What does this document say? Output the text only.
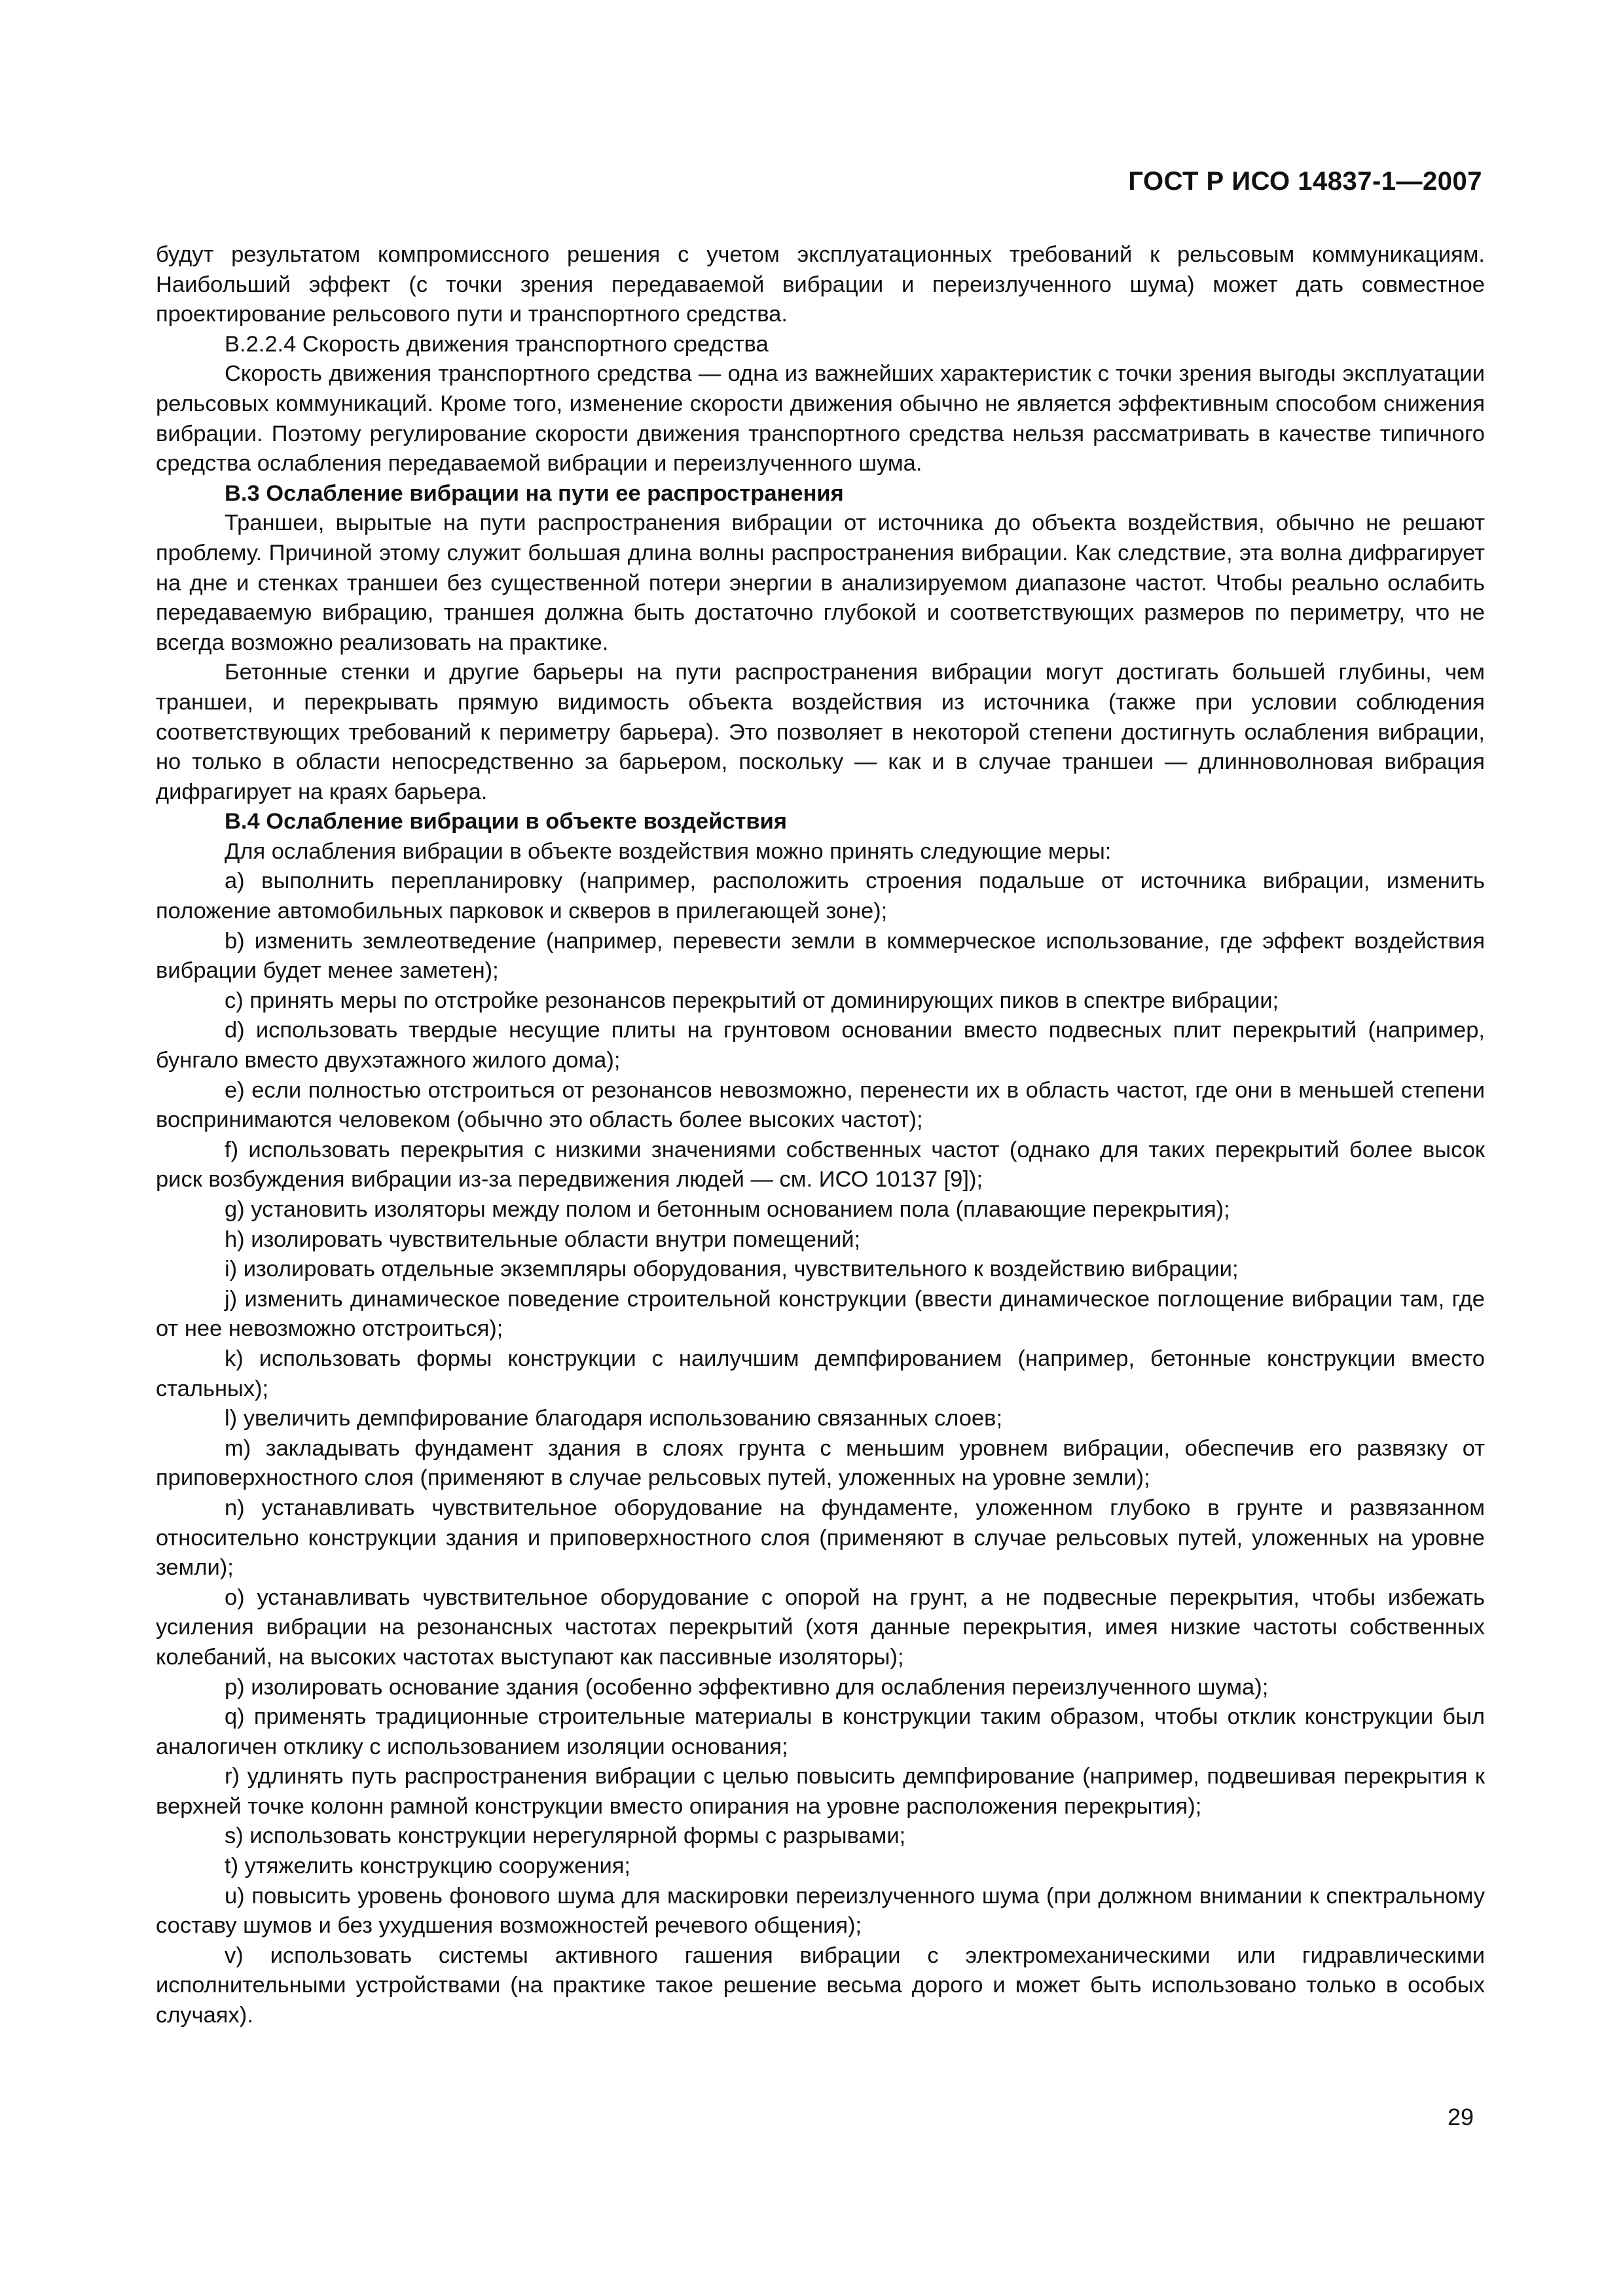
ГОСТ Р ИСО 14837-1—2007

будут результатом компромиссного решения с учетом эксплуатационных требований к рельсовым коммуникациям. Наибольший эффект (с точки зрения передаваемой вибрации и переизлученного шума) может дать совместное проектирование рельсового пути и транспортного средства.

В.2.2.4 Скорость движения транспортного средства

Скорость движения транспортного средства — одна из важнейших характеристик с точки зрения выгоды эксплуатации рельсовых коммуникаций. Кроме того, изменение скорости движения обычно не является эффективным способом снижения вибрации. Поэтому регулирование скорости движения транспортного средства нельзя рассматривать в качестве типичного средства ослабления передаваемой вибрации и переизлученного шума.

В.3 Ослабление вибрации на пути ее распространения

Траншеи, вырытые на пути распространения вибрации от источника до объекта воздействия, обычно не решают проблему. Причиной этому служит большая длина волны распространения вибрации. Как следствие, эта волна дифрагирует на дне и стенках траншеи без существенной потери энергии в анализируемом диапазоне частот. Чтобы реально ослабить передаваемую вибрацию, траншея должна быть достаточно глубокой и соответствующих размеров по периметру, что не всегда возможно реализовать на практике.

Бетонные стенки и другие барьеры на пути распространения вибрации могут достигать большей глубины, чем траншеи, и перекрывать прямую видимость объекта воздействия из источника (также при условии соблюдения соответствующих требований к периметру барьера). Это позволяет в некоторой степени достигнуть ослабления вибрации, но только в области непосредственно за барьером, поскольку — как и в случае траншеи — длинноволновая вибрация дифрагирует на краях барьера.

В.4 Ослабление вибрации в объекте воздействия

Для ослабления вибрации в объекте воздействия можно принять следующие меры:

а) выполнить перепланировку (например, расположить строения подальше от источника вибрации, изменить положение автомобильных парковок и скверов в прилегающей зоне);

b) изменить землеотведение (например, перевести земли в коммерческое использование, где эффект воздействия вибрации будет менее заметен);

c) принять меры по отстройке резонансов перекрытий от доминирующих пиков в спектре вибрации;

d) использовать твердые несущие плиты на грунтовом основании вместо подвесных плит перекрытий (например, бунгало вместо двухэтажного жилого дома);

e) если полностью отстроиться от резонансов невозможно, перенести их в область частот, где они в меньшей степени воспринимаются человеком (обычно это область более высоких частот);

f) использовать перекрытия с низкими значениями собственных частот (однако для таких перекрытий более высок риск возбуждения вибрации из-за передвижения людей — см. ИСО 10137 [9]);

g) установить изоляторы между полом и бетонным основанием пола (плавающие перекрытия);

h) изолировать чувствительные области внутри помещений;

i) изолировать отдельные экземпляры оборудования, чувствительного к воздействию вибрации;

j) изменить динамическое поведение строительной конструкции (ввести динамическое поглощение вибрации там, где от нее невозможно отстроиться);

k) использовать формы конструкции с наилучшим демпфированием (например, бетонные конструкции вместо стальных);

l) увеличить демпфирование благодаря использованию связанных слоев;

m) закладывать фундамент здания в слоях грунта с меньшим уровнем вибрации, обеспечив его развязку от приповерхностного слоя (применяют в случае рельсовых путей, уложенных на уровне земли);

n) устанавливать чувствительное оборудование на фундаменте, уложенном глубоко в грунте и развязанном относительно конструкции здания и приповерхностного слоя (применяют в случае рельсовых путей, уложенных на уровне земли);

o) устанавливать чувствительное оборудование с опорой на грунт, а не подвесные перекрытия, чтобы избежать усиления вибрации на резонансных частотах перекрытий (хотя данные перекрытия, имея низкие частоты собственных колебаний, на высоких частотах выступают как пассивные изоляторы);

p) изолировать основание здания (особенно эффективно для ослабления переизлученного шума);

q) применять традиционные строительные материалы в конструкции таким образом, чтобы отклик конструкции был аналогичен отклику с использованием изоляции основания;

r) удлинять путь распространения вибрации с целью повысить демпфирование (например, подвешивая перекрытия к верхней точке колонн рамной конструкции вместо опирания на уровне расположения перекрытия);

s) использовать конструкции нерегулярной формы с разрывами;

t) утяжелить конструкцию сооружения;

u) повысить уровень фонового шума для маскировки переизлученного шума (при должном внимании к спектральному составу шумов и без ухудшения возможностей речевого общения);

v) использовать системы активного гашения вибрации с электромеханическими или гидравлическими исполнительными устройствами (на практике такое решение весьма дорого и может быть использовано только в особых случаях).

29
